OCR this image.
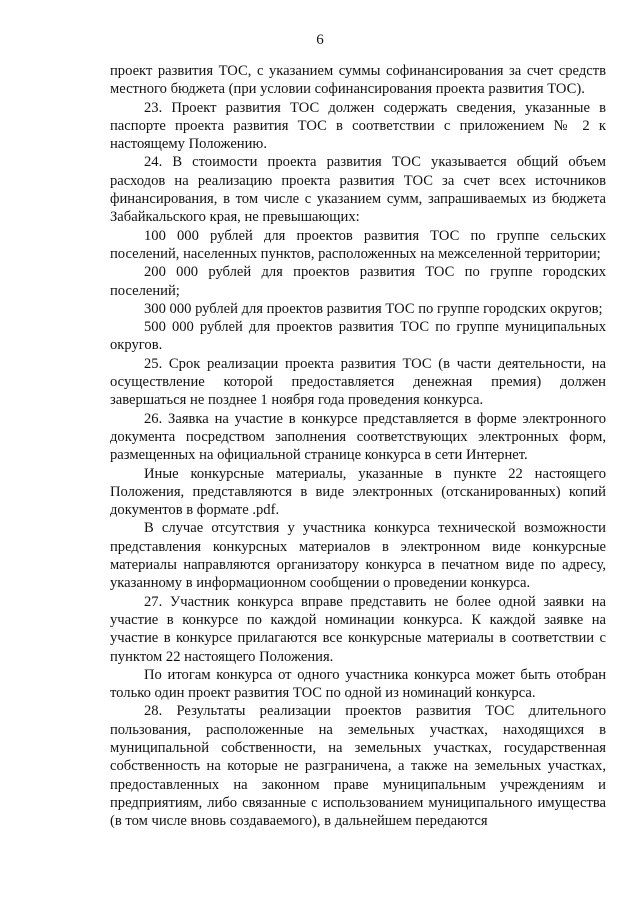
6

проект развития ТОС, с указанием суммы софинансирования за счет средств местного бюджета (при условии софинансирования проекта развития ТОС).

23. Проект развития ТОС должен содержать сведения, указанные в паспорте проекта развития ТОС в соответствии с приложением № 2 к настоящему Положению.

24. В стоимости проекта развития ТОС указывается общий объем расходов на реализацию проекта развития ТОС за счет всех источников финансирования, в том числе с указанием сумм, запрашиваемых из бюджета Забайкальского края, не превышающих:

100 000 рублей для проектов развития ТОС по группе сельских поселений, населенных пунктов, расположенных на межселенной территории;

200 000 рублей для проектов развития ТОС по группе городских поселений;

300 000 рублей для проектов развития ТОС по группе городских округов;

500 000 рублей для проектов развития ТОС по группе муниципальных округов.

25. Срок реализации проекта развития ТОС (в части деятельности, на осуществление которой предоставляется денежная премия) должен завершаться не позднее 1 ноября года проведения конкурса.

26. Заявка на участие в конкурсе представляется в форме электронного документа посредством заполнения соответствующих электронных форм, размещенных на официальной странице конкурса в сети Интернет.

Иные конкурсные материалы, указанные в пункте 22 настоящего Положения, представляются в виде электронных (отсканированных) копий документов в формате .pdf.

В случае отсутствия у участника конкурса технической возможности представления конкурсных материалов в электронном виде конкурсные материалы направляются организатору конкурса в печатном виде по адресу, указанному в информационном сообщении о проведении конкурса.

27. Участник конкурса вправе представить не более одной заявки на участие в конкурсе по каждой номинации конкурса. К каждой заявке на участие в конкурсе прилагаются все конкурсные материалы в соответствии с пунктом 22 настоящего Положения.

По итогам конкурса от одного участника конкурса может быть отобран только один проект развития ТОС по одной из номинаций конкурса.

28. Результаты реализации проектов развития ТОС длительного пользования, расположенные на земельных участках, находящихся в муниципальной собственности, на земельных участках, государственная собственность на которые не разграничена, а также на земельных участках, предоставленных на законном праве муниципальным учреждениям и предприятиям, либо связанные с использованием муниципального имущества (в том числе вновь создаваемого), в дальнейшем передаются
